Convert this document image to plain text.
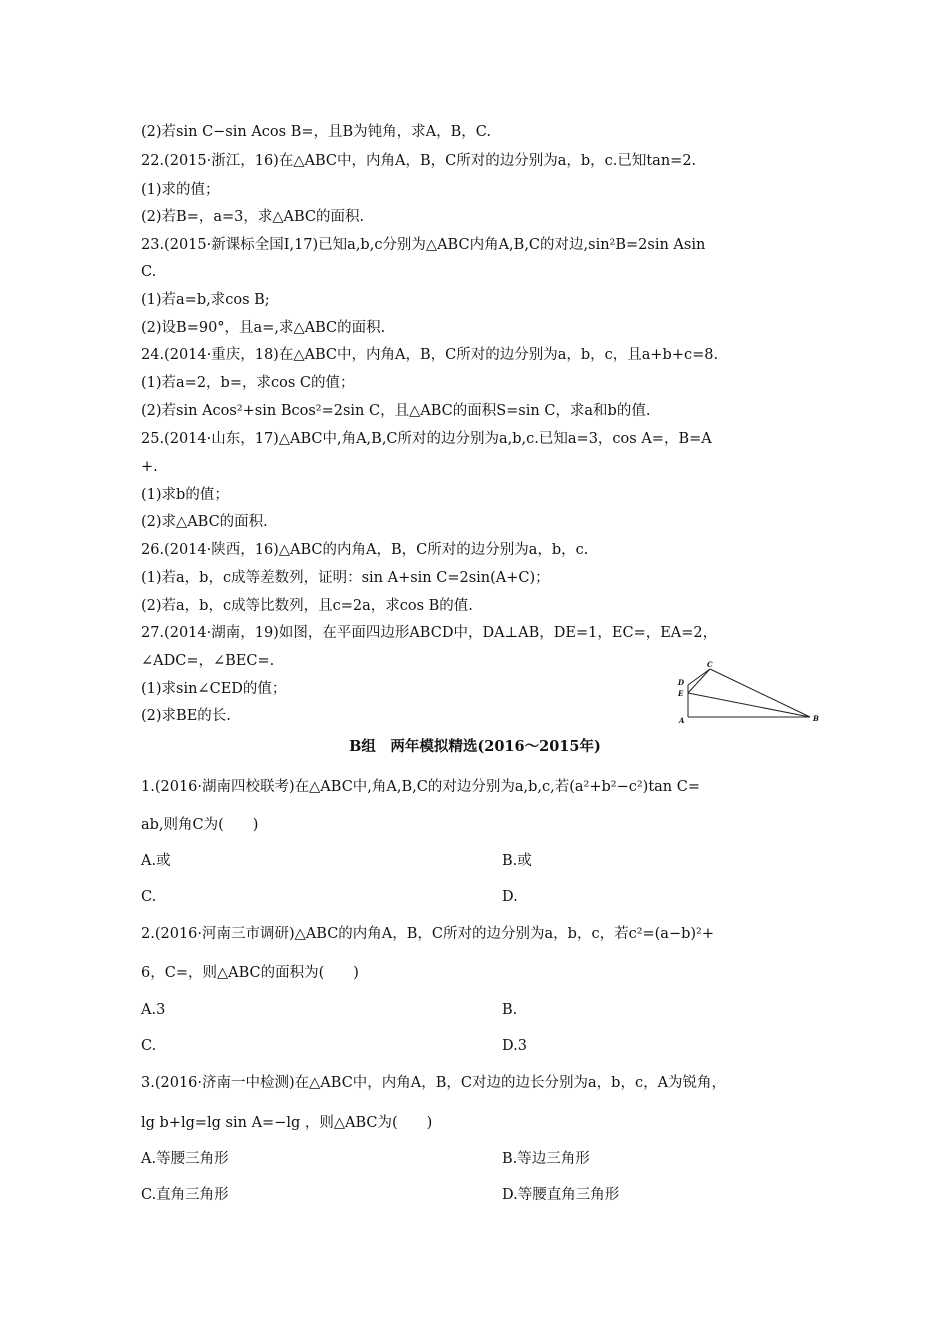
(2)若sin C−sin Acos B=，且B为钝角，求A，B，C.
22.(2015·浙江，16)在△ABC中，内角A，B，C所对的边分别为a，b，c.已知tan=2.
(1)求的值；
(2)若B=，a=3，求△ABC的面积.
23.(2015·新课标全国Ⅰ,17)已知a,b,c分别为△ABC内角A,B,C的对边,sin²B=2sin Asin
C.
(1)若a=b,求cos B;
(2)设B=90°，且a=,求△ABC的面积.
24.(2014·重庆，18)在△ABC中，内角A，B，C所对的边分别为a，b，c，且a+b+c=8.
(1)若a=2，b=，求cos C的值；
(2)若sin Acos²+sin Bcos²=2sin C，且△ABC的面积S=sin C，求a和b的值.
25.(2014·山东，17)△ABC中,角A,B,C所对的边分别为a,b,c.已知a=3，cos A=，B=A
+.
(1)求b的值；
(2)求△ABC的面积.
26.(2014·陕西，16)△ABC的内角A，B，C所对的边分别为a，b，c.
(1)若a，b，c成等差数列，证明：sin A+sin C=2sin(A+C)；
(2)若a，b，c成等比数列，且c=2a，求cos B的值.
27.(2014·湖南，19)如图，在平面四边形ABCD中，DA⊥AB，DE=1，EC=，EA=2，
∠ADC=，∠BEC=.
(1)求sin∠CED的值；
(2)求BE的长.
B组　两年模拟精选(2016～2015年)
1.(2016·湖南四校联考)在△ABC中,角A,B,C的对边分别为a,b,c,若(a²+b²−c²)tan C=
ab,则角C为(　　)
A.或	B.或
C.	D.
2.(2016·河南三市调研)△ABC的内角A，B，C所对的边分别为a，b，c，若c²=(a−b)²+
6，C=，则△ABC的面积为(　　)
A.3	B.
C.	D.3
3.(2016·济南一中检测)在△ABC中，内角A，B，C对边的边长分别为a，b，c，A为锐角，
lg b+lg=lg sin A=−lg ，则△ABC为(　　)
A.等腰三角形	B.等边三角形
C.直角三角形	D.等腰直角三角形
C
D
E
A	B
